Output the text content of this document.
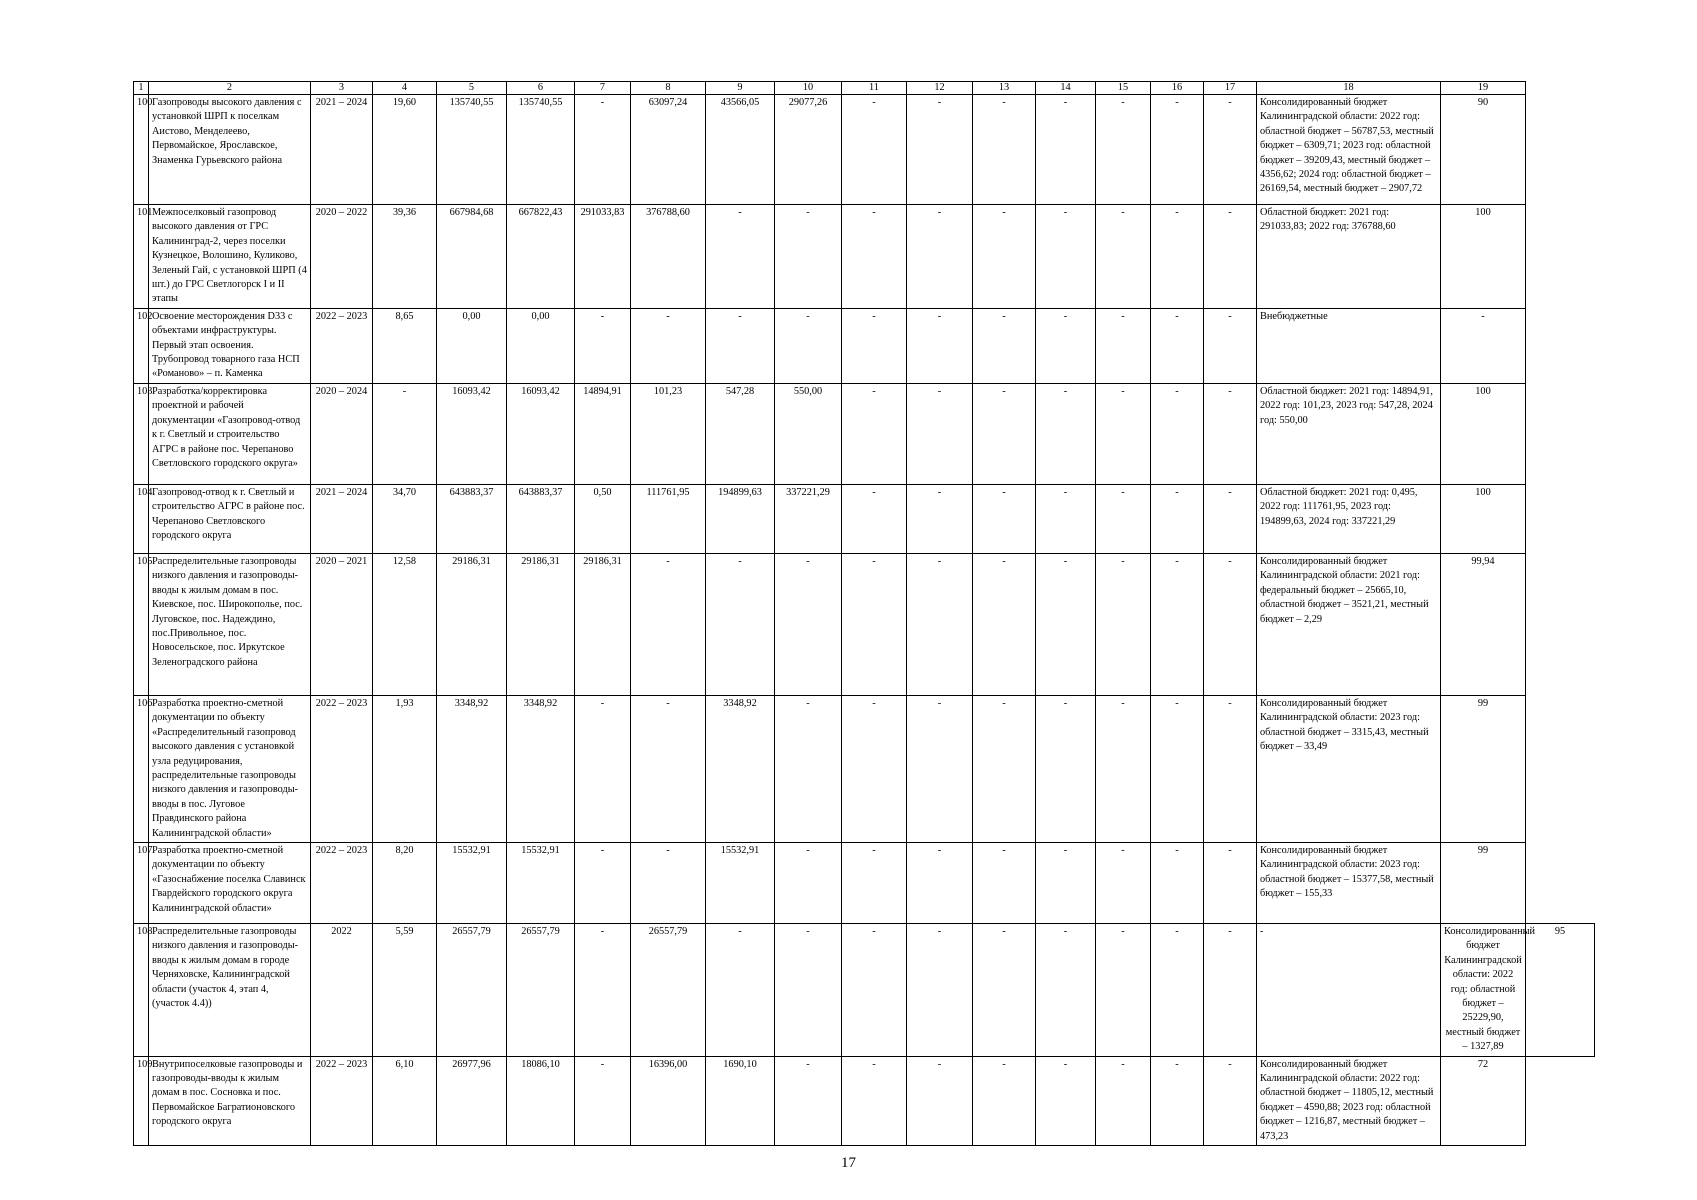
1	2	3	4	5	6	7	8	9	10	11	12	13	14	15	16	17	18	19	
100	Газопроводы высокого давления с установкой ШРП к поселкам Аистово, Менделеево, Первомайское, Ярославское, Знаменка Гурьевского района	2021 – 2024	19,60	135740,55	135740,55	-	63097,24	43566,05	29077,26	-	-	-	-	-	-	-	Консолидированный бюджет Калининградской области: 2022 год: областной бюджет – 56787,53, местный бюджет – 6309,71; 2023 год: областной бюджет – 39209,43, местный бюджет – 4356,62; 2024 год: областной бюджет – 26169,54, местный бюджет – 2907,72	90	
101	Межпоселковый газопровод высокого давления от ГРС Калининград-2, через поселки Кузнецкое, Волошино, Куликово, Зеленый Гай, с установкой ШРП (4 шт.) до ГРС Светлогорск I и II этапы	2020 – 2022	39,36	667984,68	667822,43	291033,83	376788,60	-	-	-	-	-	-	-	-	-	Областной бюджет: 2021 год: 291033,83; 2022 год: 376788,60	100	
102	Освоение месторождения D33 с объектами инфраструктуры. Первый этап освоения. Трубопровод товарного газа НСП «Романово» – п. Каменка	2022 – 2023	8,65	0,00	0,00	-	-	-	-	-	-	-	-	-	-	-	Внебюджетные	-	
103	Разработка/корректировка проектной и рабочей документации «Газопровод-отвод к г. Светлый и строительство АГРС в районе пос. Черепаново Светловского городского округа»	2020 – 2024	-	16093,42	16093,42	14894,91	101,23	547,28	550,00	-	-	-	-	-	-	-	Областной бюджет: 2021 год: 14894,91, 2022 год: 101,23, 2023 год: 547,28, 2024 год: 550,00	100	
104	Газопровод-отвод к г. Светлый и строительство АГРС в районе пос. Черепаново Светловского городского округа	2021 – 2024	34,70	643883,37	643883,37	0,50	111761,95	194899,63	337221,29	-	-	-	-	-	-	-	Областной бюджет: 2021 год: 0,495, 2022 год: 111761,95, 2023 год: 194899,63, 2024 год: 337221,29	100	
105	Распределительные газопроводы низкого давления и газопроводы-вводы к жилым домам в пос. Киевское, пос. Широкополье, пос. Луговское, пос. Надеждино, пос.Привольное, пос. Новосельское, пос. Иркутское Зеленоградского района	2020 – 2021	12,58	29186,31	29186,31	29186,31	-	-	-	-	-	-	-	-	-	-	Консолидированный бюджет Калининградской области: 2021 год: федеральный бюджет – 25665,10, областной бюджет – 3521,21, местный бюджет – 2,29	99,94	
106	Разработка проектно-сметной документации по объекту «Распределительный газопровод высокого давления с установкой узла редуцирования, распределительные газопроводы низкого давления и газопроводы-вводы в пос. Луговое Правдинского района Калининградской области»	2022 – 2023	1,93	3348,92	3348,92	-	-	3348,92	-	-	-	-	-	-	-	-	Консолидированный бюджет Калининградской области: 2023 год: областной бюджет – 3315,43, местный бюджет – 33,49	99	
107	Разработка проектно-сметной документации по объекту «Газоснабжение поселка Славинск Гвардейского городского округа Калининградской области»	2022 – 2023	8,20	15532,91	15532,91	-	-	15532,91	-	-	-	-	-	-	-	-	Консолидированный бюджет Калининградской области: 2023 год: областной бюджет – 15377,58, местный бюджет – 155,33	99	
108	Распределительные газопроводы низкого давления и газопроводы-вводы к жилым домам в городе Черняховске, Калининградской области (участок 4, этап 4, (участок 4.4))	2022	5,59	26557,79	26557,79	-	26557,79	-	-	-	-	-	-	-	-	-	-	Консолидированный бюджет Калининградской области: 2022 год: областной бюджет – 25229,90, местный бюджет – 1327,89	95
109	Внутрипоселковые газопроводы и газопроводы-вводы к жилым домам в пос. Сосновка и пос. Первомайское Багратионовского городского округа	2022 – 2023	6,10	26977,96	18086,10	-	16396,00	1690,10	-	-	-	-	-	-	-	-	Консолидированный бюджет Калининградской области: 2022 год: областной бюджет – 11805,12, местный бюджет – 4590,88; 2023 год: областной бюджет – 1216,87, местный бюджет – 473,23	72	
17
